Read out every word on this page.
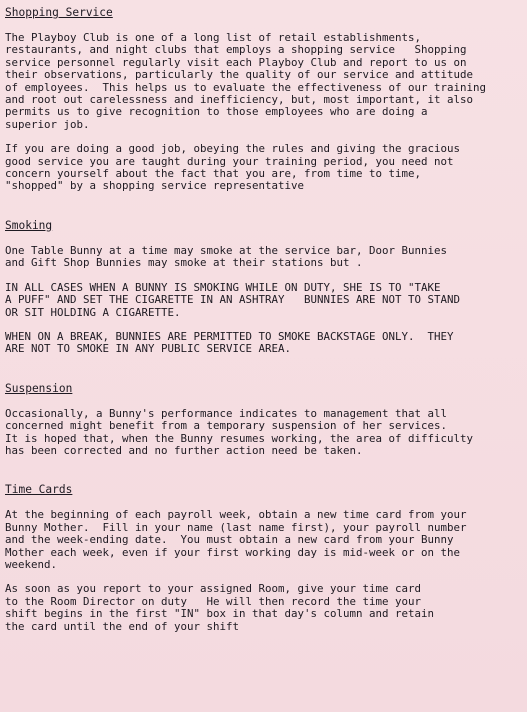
Shopping Service
The Playboy Club is one of a long list of retail establishments,
restaurants, and night clubs that employs a shopping service   Shopping
service personnel regularly visit each Playboy Club and report to us on
their observations, particularly the quality of our service and attitude
of employees.  This helps us to evaluate the effectiveness of our training
and root out carelessness and inefficiency, but, most important, it also
permits us to give recognition to those employees who are doing a
superior job.
If you are doing a good job, obeying the rules and giving the gracious
good service you are taught during your training period, you need not
concern yourself about the fact that you are, from time to time,
"shopped" by a shopping service representative
Smoking
One Table Bunny at a time may smoke at the service bar, Door Bunnies
and Gift Shop Bunnies may smoke at their stations but .
IN ALL CASES WHEN A BUNNY IS SMOKING WHILE ON DUTY, SHE IS TO "TAKE
A PUFF" AND SET THE CIGARETTE IN AN ASHTRAY   BUNNIES ARE NOT TO STAND
OR SIT HOLDING A CIGARETTE.
WHEN ON A BREAK, BUNNIES ARE PERMITTED TO SMOKE BACKSTAGE ONLY.  THEY
ARE NOT TO SMOKE IN ANY PUBLIC SERVICE AREA.
Suspension
Occasionally, a Bunny's performance indicates to management that all
concerned might benefit from a temporary suspension of her services.
It is hoped that, when the Bunny resumes working, the area of difficulty
has been corrected and no further action need be taken.
Time Cards
At the beginning of each payroll week, obtain a new time card from your
Bunny Mother.  Fill in your name (last name first), your payroll number
and the week-ending date.  You must obtain a new card from your Bunny
Mother each week, even if your first working day is mid-week or on the
weekend.
As soon as you report to your assigned Room, give your time card
to the Room Director on duty   He will then record the time your
shift begins in the first "IN" box in that day's column and retain
the card until the end of your shift
